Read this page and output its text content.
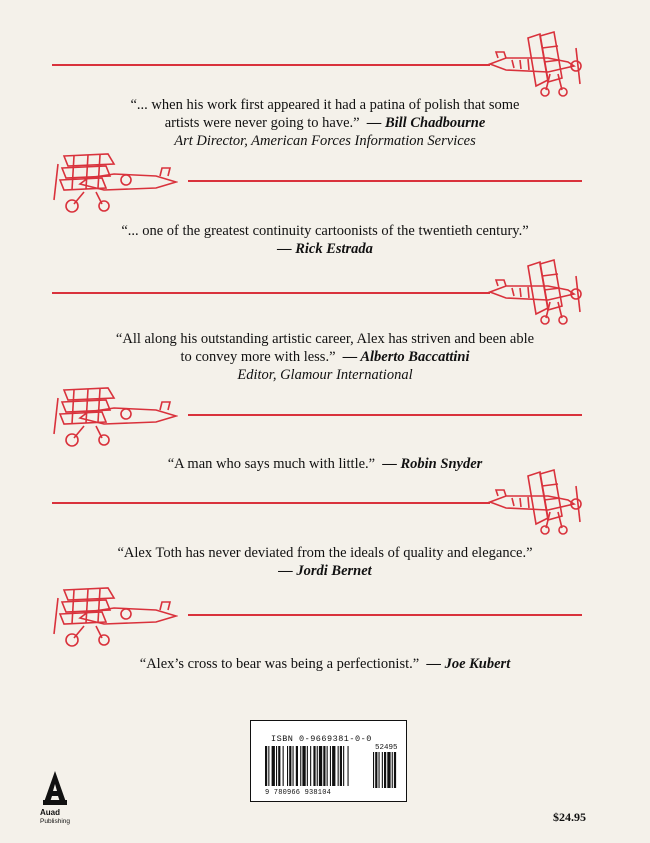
“... when his work first appeared it had a patina of polish that some
artists were never going to have.” — Bill Chadbourne
Art Director, American Forces Information Services
“... one of the greatest continuity cartoonists of the twentieth century.”
— Rick Estrada
“All along his outstanding artistic career, Alex has striven and been able
to convey more with less.” — Alberto Baccattini
Editor, Glamour International
“A man who says much with little.” — Robin Snyder
“Alex Toth has never deviated from the ideals of quality and elegance.”
— Jordi Bernet
“Alex’s cross to bear was being a perfectionist.” — Joe Kubert
ISBN 0-9669381-0-0
52495
9 780966 938104
Auad
Publishing	$24.95
